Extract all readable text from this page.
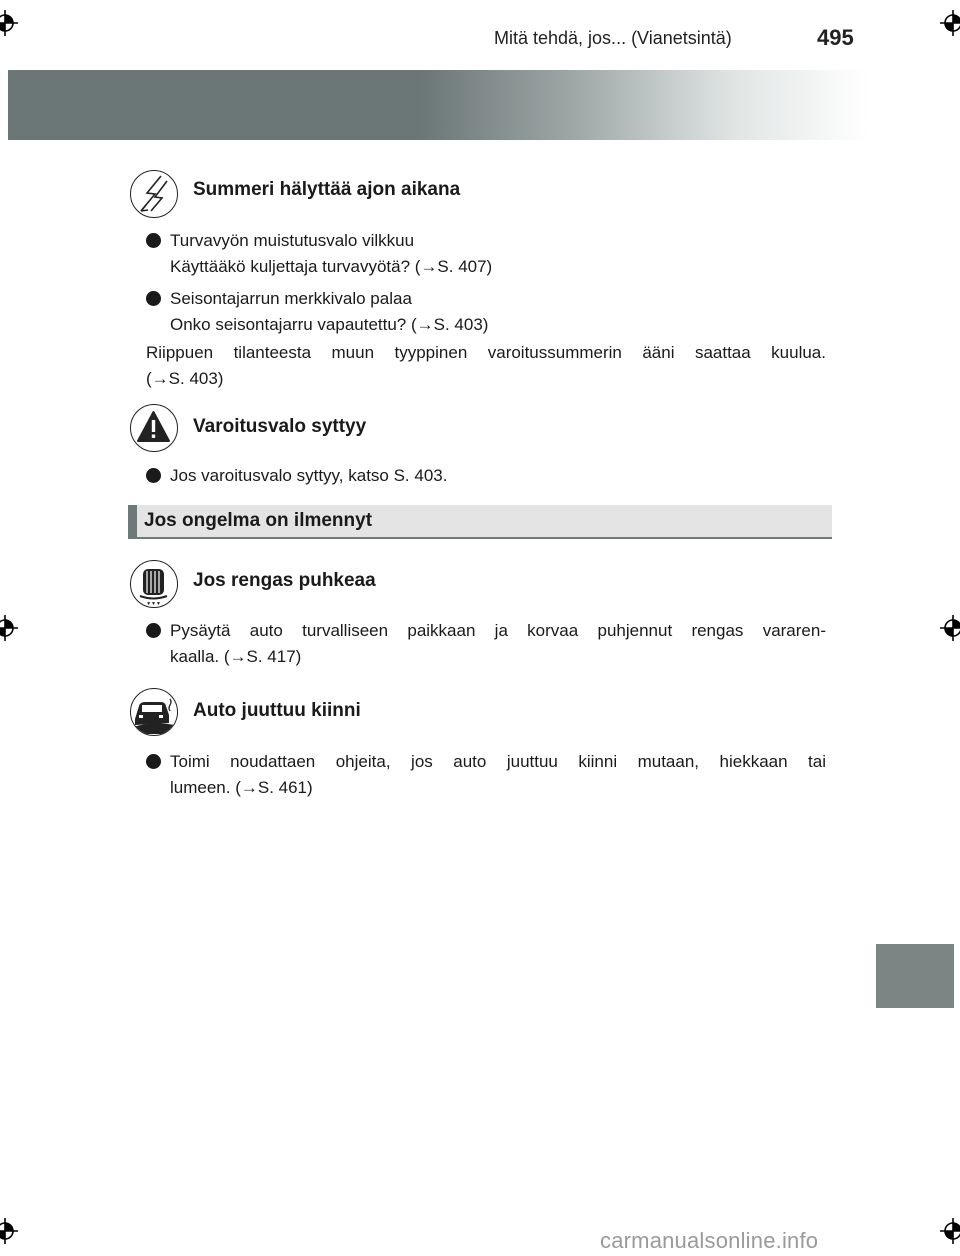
Mitä tehdä, jos... (Vianetsintä)	495
Summeri hälyttää ajon aikana
Turvavyön muistutusvalo vilkkuu
Käyttääkö kuljettaja turvavyötä? (→S. 407)
Seisontajarrun merkkivalo palaa
Onko seisontajarru vapautettu? (→S. 403)
Riippuen tilanteesta muun tyyppinen varoitussummerin ääni saattaa kuulua.
(→S. 403)
Varoitusvalo syttyy
Jos varoitusvalo syttyy, katso S. 403.
Jos ongelma on ilmennyt
▼▼▼
Jos rengas puhkeaa
Pysäytä auto turvalliseen paikkaan ja korvaa puhjennut rengas vararen-
kaalla. (→S. 417)
Auto juuttuu kiinni
Toimi noudattaen ohjeita, jos auto juuttuu kiinni mutaan, hiekkaan tai
lumeen. (→S. 461)
carmanualsonline.info
